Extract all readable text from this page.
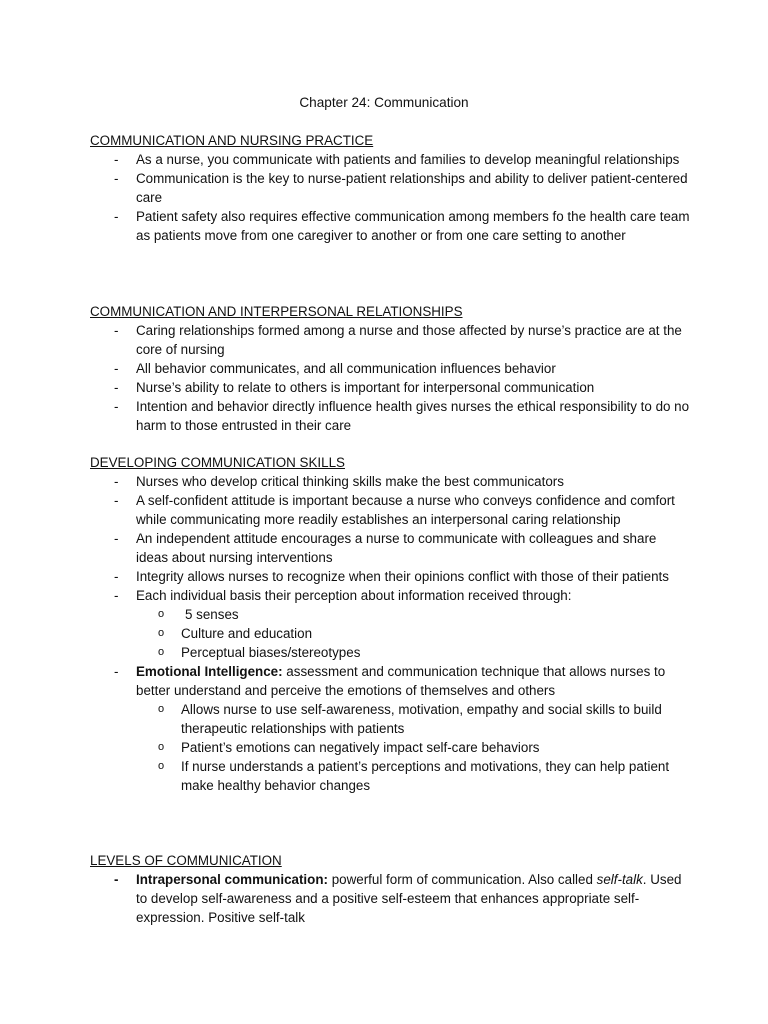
Chapter 24: Communication
COMMUNICATION AND NURSING PRACTICE
- As a nurse, you communicate with patients and families to develop meaningful relationships
- Communication is the key to nurse-patient relationships and ability to deliver patient-centered care
- Patient safety also requires effective communication among members fo the health care team as patients move from one caregiver to another or from one care setting to another
COMMUNICATION AND INTERPERSONAL RELATIONSHIPS
- Caring relationships formed among a nurse and those affected by nurse’s practice are at the core of nursing
- All behavior communicates, and all communication influences behavior
- Nurse’s ability to relate to others is important for interpersonal communication
- Intention and behavior directly influence health gives nurses the ethical responsibility to do no harm to those entrusted in their care
DEVELOPING COMMUNICATION SKILLS
- Nurses who develop critical thinking skills make the best communicators
- A self-confident attitude is important because a nurse who conveys confidence and comfort while communicating more readily establishes an interpersonal caring relationship
- An independent attitude encourages a nurse to communicate with colleagues and share ideas about nursing interventions
- Integrity allows nurses to recognize when their opinions conflict with those of their patients
- Each individual basis their perception about information received through:
o 5 senses
o Culture and education
o Perceptual biases/stereotypes
- Emotional Intelligence: assessment and communication technique that allows nurses to better understand and perceive the emotions of themselves and others
o Allows nurse to use self-awareness, motivation, empathy and social skills to build therapeutic relationships with patients
o Patient’s emotions can negatively impact self-care behaviors
o If nurse understands a patient’s perceptions and motivations, they can help patient make healthy behavior changes
LEVELS OF COMMUNICATION
- Intrapersonal communication: powerful form of communication. Also called self-talk. Used to develop self-awareness and a positive self-esteem that enhances appropriate self-expression. Positive self-talk
